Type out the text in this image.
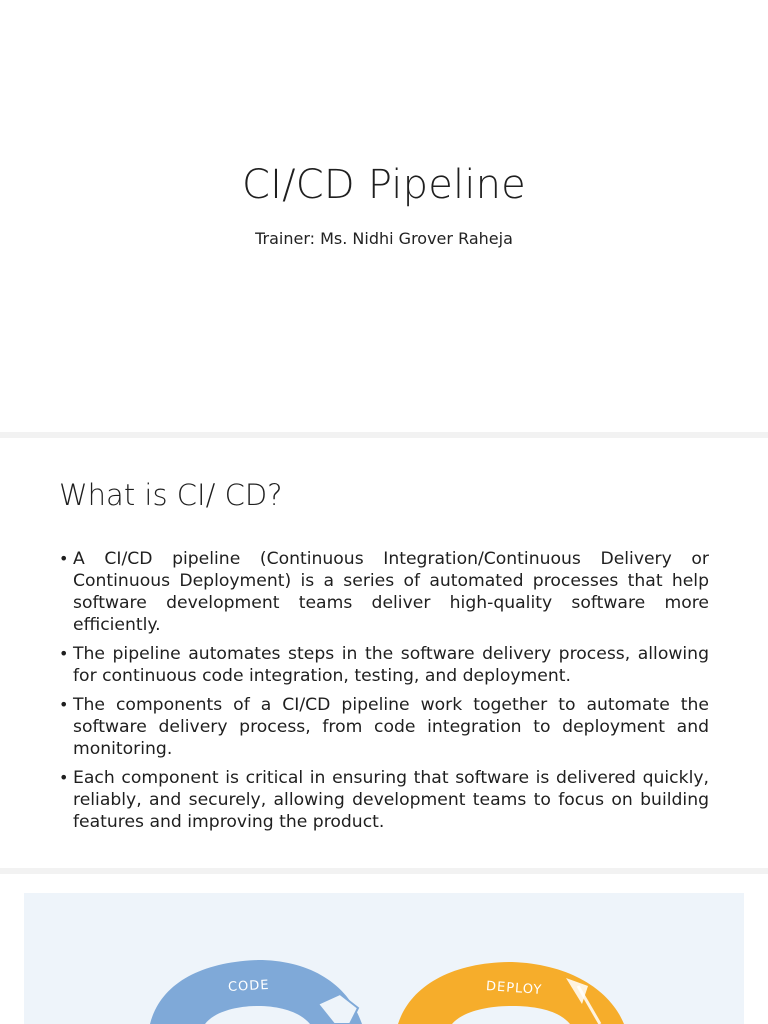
CI/CD Pipeline
Trainer: Ms. Nidhi Grover Raheja
What is CI/ CD?
• A CI/CD pipeline (Continuous Integration/Continuous Delivery or Continuous Deployment) is a series of automated processes that help software development teams deliver high-quality software more efficiently.
• The pipeline automates steps in the software delivery process, allowing for continuous code integration, testing, and deployment.
• The components of a CI/CD pipeline work together to automate the software delivery process, from code integration to deployment and monitoring.
• Each component is critical in ensuring that software is delivered quickly, reliably, and securely, allowing development teams to focus on building features and improving the product.
CODE	DEPLOY
